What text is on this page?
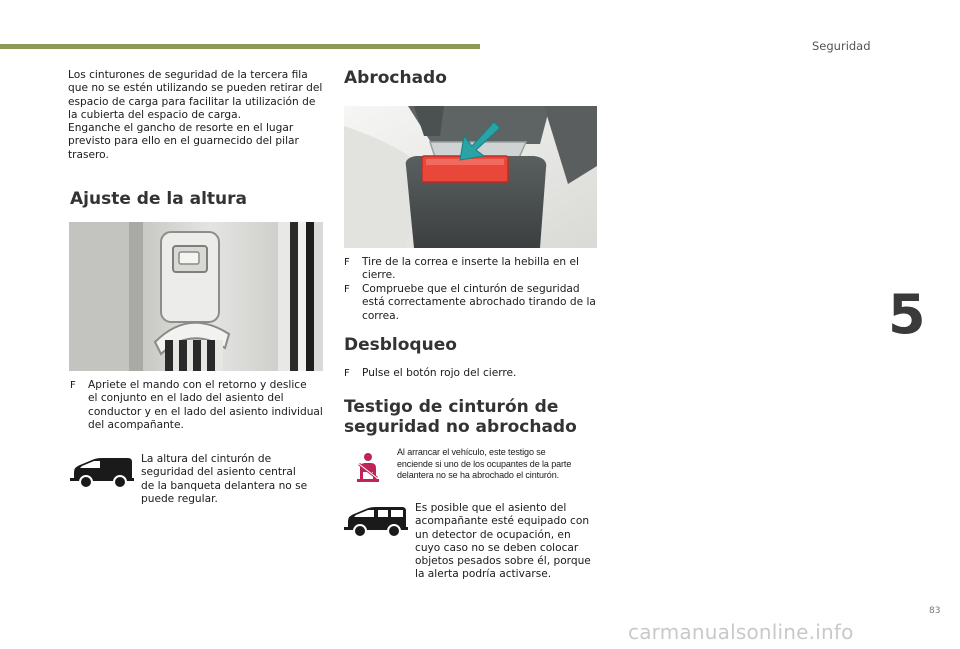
Seguridad
5
83
Los cinturones de seguridad de la tercera fila
que no se estén utilizando se pueden retirar del
espacio de carga para facilitar la utilización de
la cubierta del espacio de carga.
Enganche el gancho de resorte en el lugar
previsto para ello en el guarnecido del pilar
trasero.
Ajuste de la altura
F	Apriete el mando con el retorno y deslice
el conjunto en el lado del asiento del
conductor y en el lado del asiento individual
del acompañante.
La altura del cinturón de
seguridad del asiento central
de la banqueta delantera no se
puede regular.
Abrochado
F	Tire de la correa e inserte la hebilla en el
cierre.
F	Compruebe que el cinturón de seguridad
está correctamente abrochado tirando de la
correa.
Desbloqueo
F	Pulse el botón rojo del cierre.
Testigo de cinturón de
seguridad no abrochado
Al arrancar el vehículo, este testigo se
enciende si uno de los ocupantes de la parte
delantera no se ha abrochado el cinturón.
Es posible que el asiento del
acompañante esté equipado con
un detector de ocupación, en
cuyo caso no se deben colocar
objetos pesados sobre él, porque
la alerta podría activarse.
carmanualsonline.info
